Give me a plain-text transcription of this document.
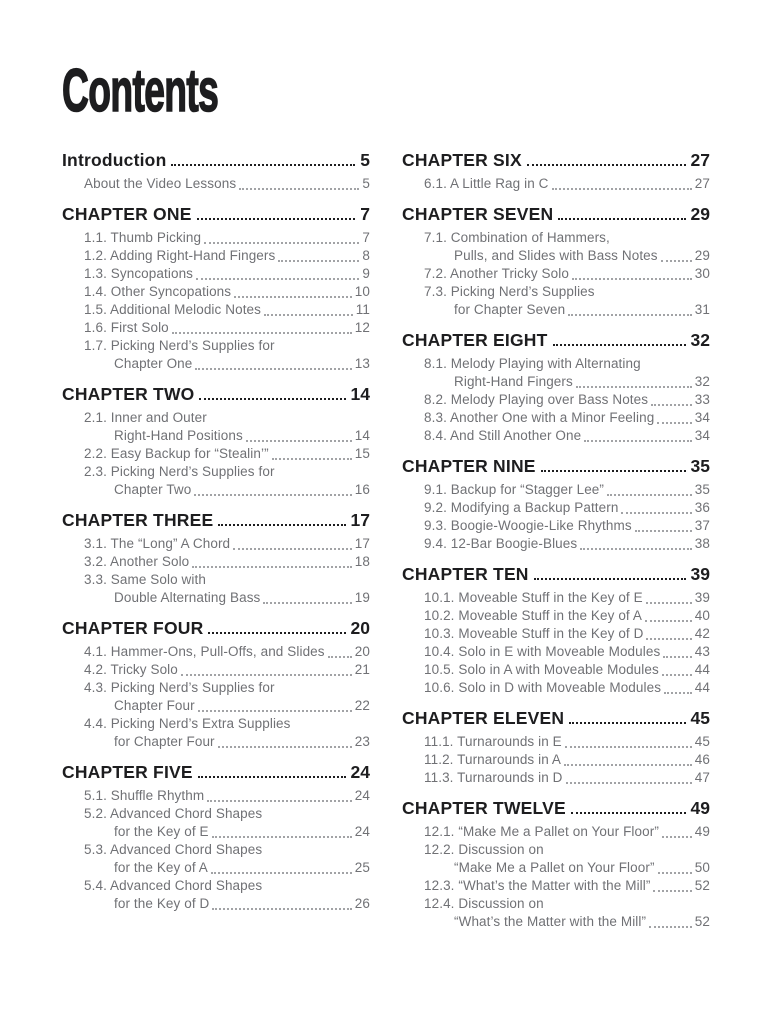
Contents
Introduction	5
About the Video Lessons	5
CHAPTER ONE	7
1.1. Thumb Picking	7
1.2. Adding Right-Hand Fingers	8
1.3. Syncopations	9
1.4. Other Syncopations	10
1.5. Additional Melodic Notes	11
1.6. First Solo	12
1.7. Picking Nerd’s Supplies for
Chapter One	13
CHAPTER TWO	14
2.1. Inner and Outer
Right-Hand Positions	14
2.2. Easy Backup for “Stealin’”	15
2.3. Picking Nerd’s Supplies for
Chapter Two	16
CHAPTER THREE	17
3.1. The “Long” A Chord	17
3.2. Another Solo	18
3.3. Same Solo with
Double Alternating Bass	19
CHAPTER FOUR	20
4.1. Hammer-Ons, Pull-Offs, and Slides 20
4.2. Tricky Solo	21
4.3. Picking Nerd’s Supplies for
Chapter Four	22
4.4. Picking Nerd’s Extra Supplies
for Chapter Four	23
CHAPTER FIVE	24
5.1. Shuffle Rhythm	24
5.2. Advanced Chord Shapes
for the Key of E	24
5.3. Advanced Chord Shapes
for the Key of A	25
5.4. Advanced Chord Shapes
for the Key of D	26
CHAPTER SIX	27
6.1. A Little Rag in C	27
CHAPTER SEVEN	29
7.1. Combination of Hammers,
Pulls, and Slides with Bass Notes	29
7.2. Another Tricky Solo	30
7.3. Picking Nerd’s Supplies
for Chapter Seven	31
CHAPTER EIGHT	32
8.1. Melody Playing with Alternating
Right-Hand Fingers	32
8.2. Melody Playing over Bass Notes	33
8.3. Another One with a Minor Feeling	34
8.4. And Still Another One	34
CHAPTER NINE	35
9.1. Backup for “Stagger Lee”	35
9.2. Modifying a Backup Pattern	36
9.3. Boogie-Woogie-Like Rhythms	37
9.4. 12-Bar Boogie-Blues	38
CHAPTER TEN	39
10.1. Moveable Stuff in the Key of E	39
10.2. Moveable Stuff in the Key of A	40
10.3. Moveable Stuff in the Key of D	42
10.4. Solo in E with Moveable Modules	43
10.5. Solo in A with Moveable Modules	44
10.6. Solo in D with Moveable Modules 44
CHAPTER ELEVEN	45
11.1. Turnarounds in E	45
11.2. Turnarounds in A	46
11.3. Turnarounds in D	47
CHAPTER TWELVE	49
12.1. “Make Me a Pallet on Your Floor”	49
12.2. Discussion on
“Make Me a Pallet on Your Floor”	50
12.3. “What’s the Matter with the Mill”	52
12.4. Discussion on
“What’s the Matter with the Mill”	52
